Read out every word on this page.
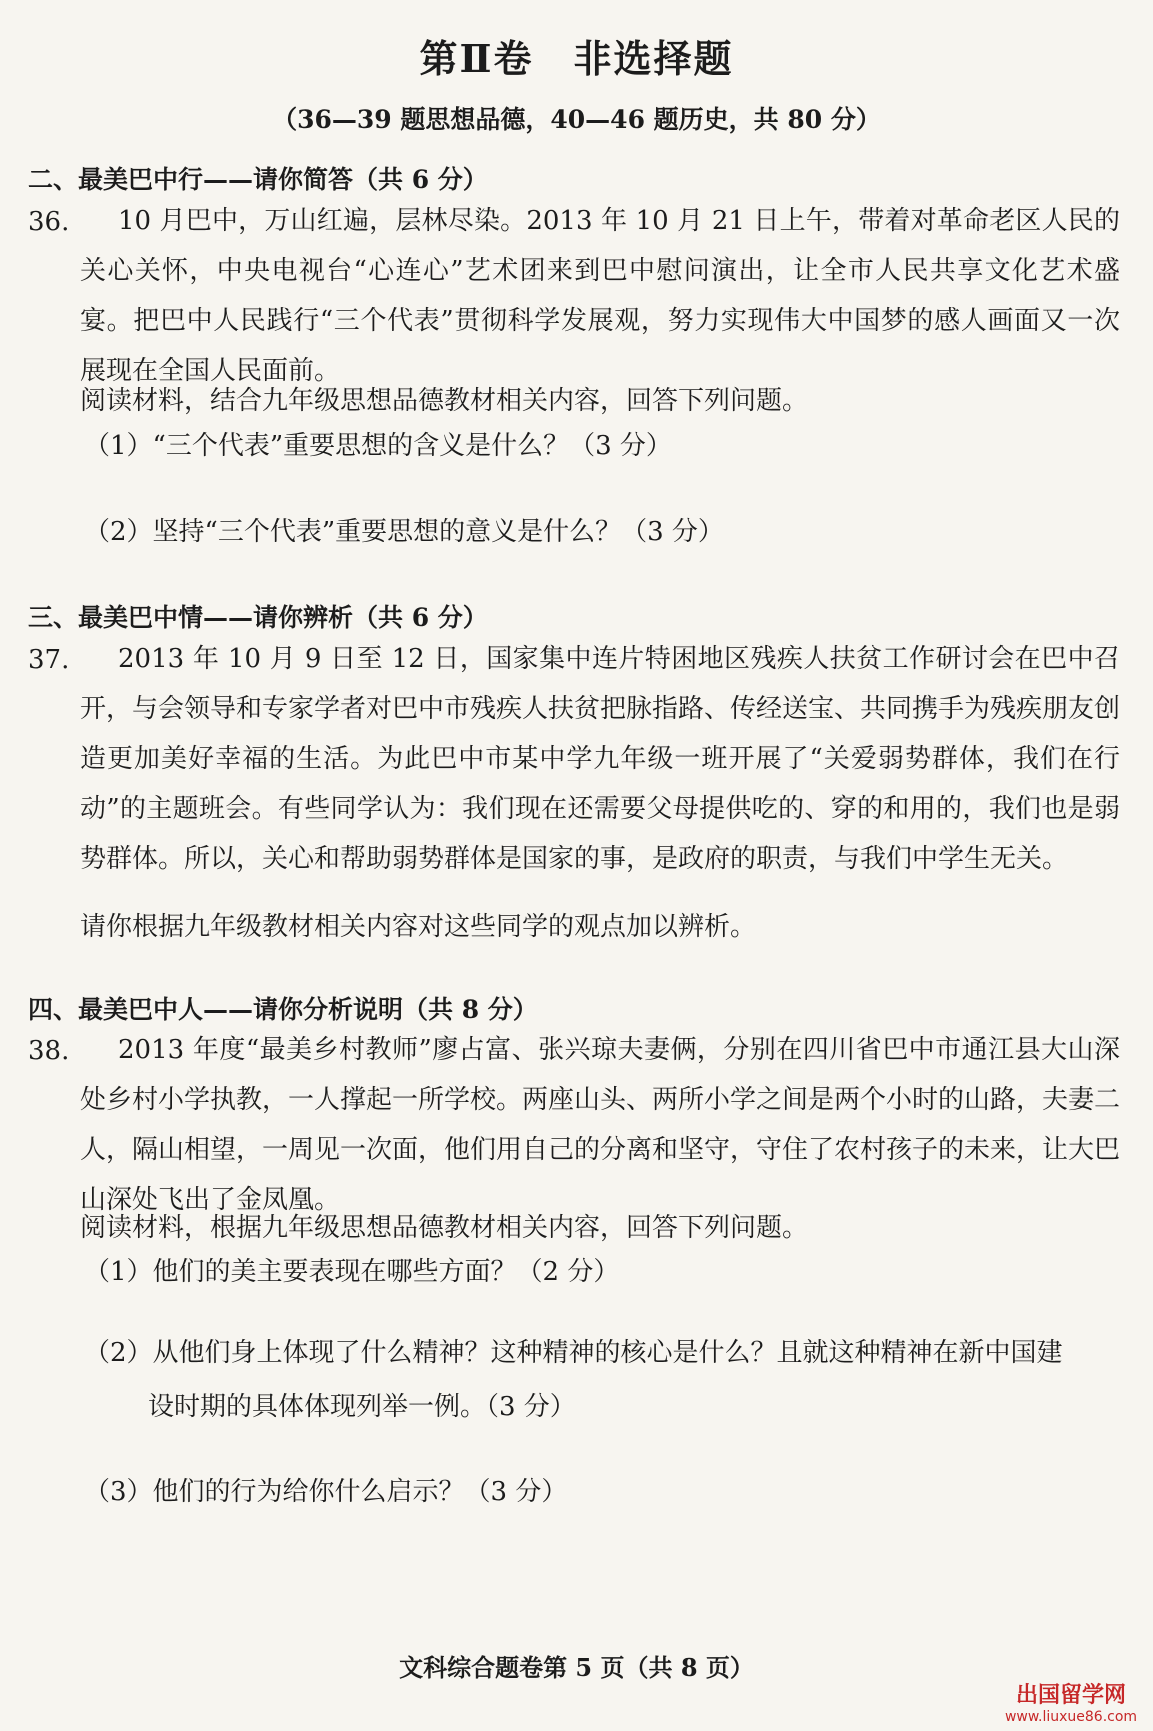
第Ⅱ卷　非选择题
（36—39 题思想品德，40—46 题历史，共 80 分）
二、最美巴中行——请你简答（共 6 分）
36.	10 月巴中，万山红遍，层林尽染。2013 年 10 月 21 日上午，带着对革命老区人民的关心关怀，中央电视台“心连心”艺术团来到巴中慰问演出，让全市人民共享文化艺术盛宴。把巴中人民践行“三个代表”贯彻科学发展观，努力实现伟大中国梦的感人画面又一次展现在全国人民面前。
阅读材料，结合九年级思想品德教材相关内容，回答下列问题。
（1）“三个代表”重要思想的含义是什么？（3 分）
（2）坚持“三个代表”重要思想的意义是什么？（3 分）
三、最美巴中情——请你辨析（共 6 分）
37.	2013 年 10 月 9 日至 12 日，国家集中连片特困地区残疾人扶贫工作研讨会在巴中召开，与会领导和专家学者对巴中市残疾人扶贫把脉指路、传经送宝、共同携手为残疾朋友创造更加美好幸福的生活。为此巴中市某中学九年级一班开展了“关爱弱势群体，我们在行动”的主题班会。有些同学认为：我们现在还需要父母提供吃的、穿的和用的，我们也是弱势群体。所以，关心和帮助弱势群体是国家的事，是政府的职责，与我们中学生无关。
请你根据九年级教材相关内容对这些同学的观点加以辨析。
四、最美巴中人——请你分析说明（共 8 分）
38.	2013 年度“最美乡村教师”廖占富、张兴琼夫妻俩，分别在四川省巴中市通江县大山深处乡村小学执教，一人撑起一所学校。两座山头、两所小学之间是两个小时的山路，夫妻二人，隔山相望，一周见一次面，他们用自己的分离和坚守，守住了农村孩子的未来，让大巴山深处飞出了金凤凰。
阅读材料，根据九年级思想品德教材相关内容，回答下列问题。
（1）他们的美主要表现在哪些方面？（2 分）
（2）从他们身上体现了什么精神？这种精神的核心是什么？且就这种精神在新中国建
设时期的具体体现列举一例。（3 分）
（3）他们的行为给你什么启示？（3 分）
文科综合题卷第 5 页（共 8 页）
出国留学网
www.liuxue86.com
